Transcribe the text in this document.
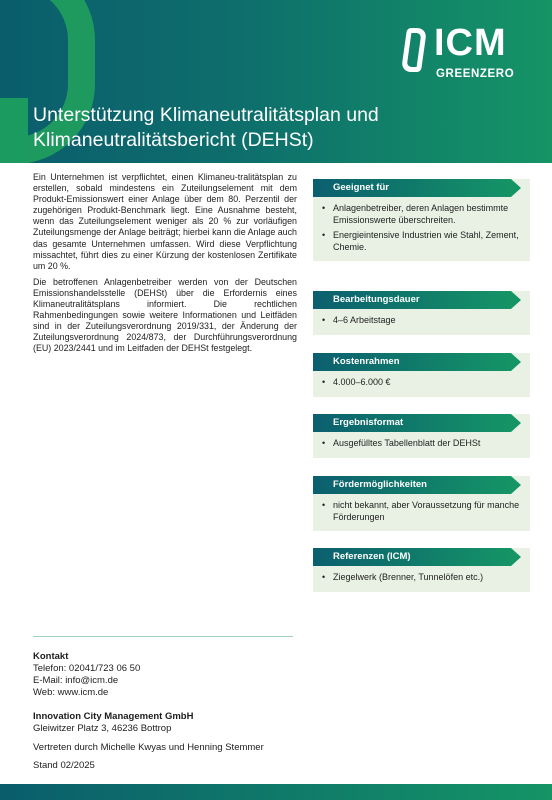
ICM
GREENZERO
Unterstützung Klimaneutralitätsplan und
Klimaneutralitätsbericht (DEHSt)

Ein Unternehmen ist verpflichtet, einen Klimaneu-tralitätsplan zu erstellen, sobald mindestens ein Zuteilungselement mit dem Produkt-Emissionswert einer Anlage über dem 80. Perzentil der zugehörigen Produkt-Benchmark liegt. Eine Ausnahme besteht, wenn das Zuteilungselement weniger als 20 % zur vorläufigen Zuteilungsmenge der Anlage beiträgt; hierbei kann die Anlage auch das gesamte Unternehmen umfassen. Wird diese Verpflichtung missachtet, führt dies zu einer Kürzung der kostenlosen Zertifikate um 20 %.

Die betroffenen Anlagenbetreiber werden von der Deutschen Emissionshandelsstelle (DEHSt) über die Erfordernis eines Klimaneutralitätsplans informiert. Die rechtlichen Rahmenbedingungen sowie weitere Informationen und Leitfäden sind in der Zuteilungsverordnung 2019/331, der Änderung der Zuteilungsverordnung 2024/873, der Durchführungsverordnung (EU) 2023/2441 und im Leitfaden der DEHSt festgelegt.

Geeignet für
• Anlagenbetreiber, deren Anlagen bestimmte Emissionswerte überschreiten.
• Energieintensive Industrien wie Stahl, Zement, Chemie.
Bearbeitungsdauer
• 4–6 Arbeitstage
Kostenrahmen
• 4.000–6.000 €
Ergebnisformat
• Ausgefülltes Tabellenblatt der DEHSt
Fördermöglichkeiten
• nicht bekannt, aber Voraussetzung für manche Förderungen
Referenzen (ICM)
• Ziegelwerk (Brenner, Tunnelöfen etc.)
Kontakt
Telefon: 02041/723 06 50
E-Mail: info@icm.de
Web: www.icm.de
Innovation City Management GmbH
Gleiwitzer Platz 3, 46236 Bottrop
Vertreten durch Michelle Kwyas und Henning Stemmer
Stand 02/2025
